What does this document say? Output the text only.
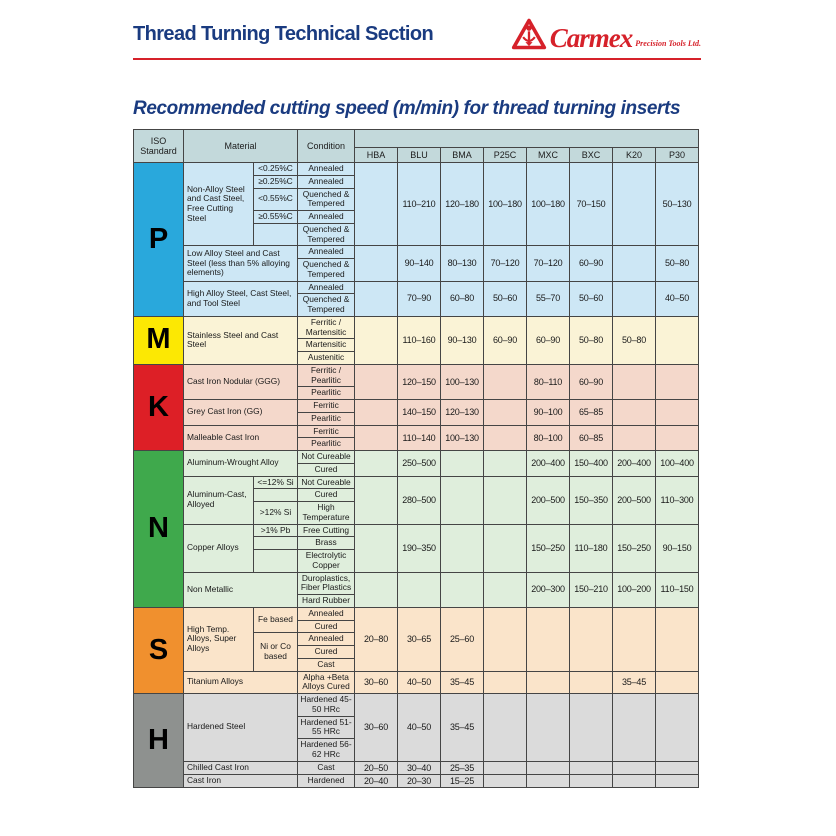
Thread Turning Technical Section	Carmex Precision Tools Ltd.
Recommended cutting speed (m/min) for thread turning inserts
ISO Standard	Material		Condition								
				HBA	BLU	BMA	P25C	MXC	BXC	K20	P30
P	Non-Alloy Steel and Cast Steel, Free Cutting Steel	<0.25%C	Annealed		110–210	120–180	100–180	100–180	70–150		50–130
		≥0.25%C	Annealed								
		<0.55%C	Quenched & Tempered								
		≥0.55%C	Annealed								
			Quenched & Tempered								
	Low Alloy Steel and Cast Steel (less than 5% alloying elements)		Annealed		90–140	80–130	70–120	70–120	60–90		50–80
			Quenched & Tempered								
	High Alloy Steel, Cast Steel, and Tool Steel		Annealed		70–90	60–80	50–60	55–70	50–60		40–50
			Quenched & Tempered								
M	Stainless Steel and Cast Steel		Ferritic / Martensitic		110–160	90–130	60–90	60–90	50–80	50–80	
			Martensitic								
			Austenitic								
K	Cast Iron Nodular (GGG)		Ferritic / Pearlitic		120–150	100–130		80–110	60–90		
			Pearlitic								
	Grey Cast Iron (GG)		Ferritic		140–150	120–130		90–100	65–85		
			Pearlitic								
	Malleable Cast Iron		Ferritic		110–140	100–130		80–100	60–85		
			Pearlitic								
N	Aluminum-Wrought Alloy		Not Cureable		250–500			200–400	150–400	200–400	100–400
			Cured								
	Aluminum-Cast, Alloyed	<=12% Si	Not Cureable		280–500			200–500	150–350	200–500	110–300
			Cured								
		>12% Si	High Temperature								
	Copper Alloys	>1% Pb	Free Cutting		190–350			150–250	110–180	150–250	90–150
			Brass								
			Electrolytic Copper								
	Non Metallic		Duroplastics, Fiber Plastics					200–300	150–210	100–200	110–150
			Hard Rubber								
S	High Temp. Alloys, Super Alloys	Fe based	Annealed	20–80	30–65	25–60					
			Cured								
		Ni or Co based	Annealed								
			Cured								
			Cast								
	Titanium Alloys		Alpha +Beta Alloys Cured	30–60	40–50	35–45				35–45	
H	Hardened Steel		Hardened 45-50 HRc	30–60	40–50	35–45					
			Hardened 51-55 HRc								
			Hardened 56-62 HRc								
	Chilled Cast Iron		Cast	20–50	30–40	25–35					
	Cast Iron		Hardened	20–40	20–30	15–25					
